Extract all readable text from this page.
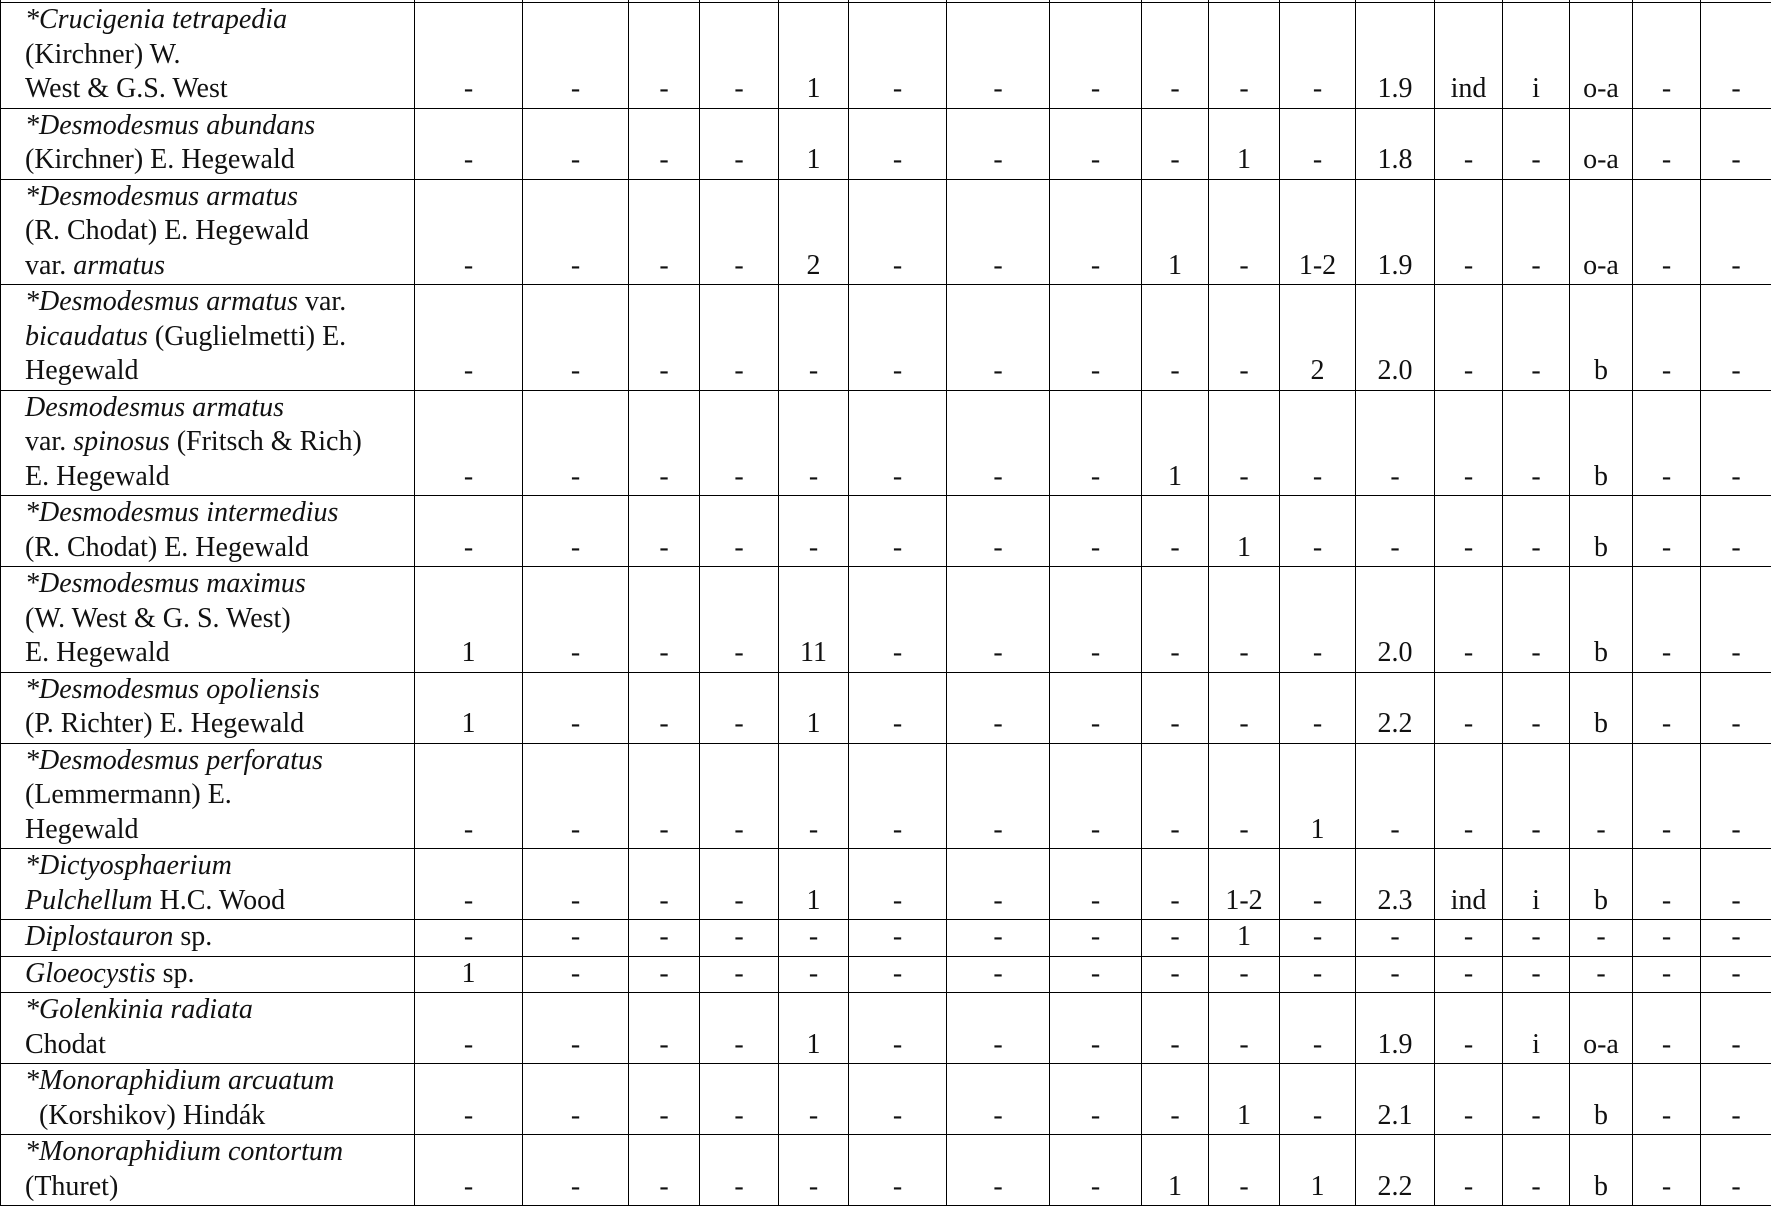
*Crucigenia tetrapedia
(Kirchner) W.
West & G.S. West	-	-	-	-	1	-	-	-	-	-	-	1.9	ind	i	o-a	-	-

*Desmodesmus abundans
(Kirchner) E. Hegewald	-	-	-	-	1	-	-	-	-	1	-	1.8	-	-	o-a	-	-

*Desmodesmus armatus
(R. Chodat) E. Hegewald
var. armatus	-	-	-	-	2	-	-	-	1	-	1-2	1.9	-	-	o-a	-	-

*Desmodesmus armatus var.
bicaudatus (Guglielmetti) E.
Hegewald	-	-	-	-	-	-	-	-	-	-	2	2.0	-	-	b	-	-

Desmodesmus armatus
var. spinosus (Fritsch & Rich)
E. Hegewald	-	-	-	-	-	-	-	-	1	-	-	-	-	-	b	-	-

*Desmodesmus intermedius
(R. Chodat) E. Hegewald	-	-	-	-	-	-	-	-	-	1	-	-	-	-	b	-	-

*Desmodesmus maximus
(W. West & G. S. West)
E. Hegewald	1	-	-	-	11	-	-	-	-	-	-	2.0	-	-	b	-	-

*Desmodesmus opoliensis
(P. Richter) E. Hegewald	1	-	-	-	1	-	-	-	-	-	-	2.2	-	-	b	-	-

*Desmodesmus perforatus
(Lemmermann) E.
Hegewald	-	-	-	-	-	-	-	-	-	-	1	-	-	-	-	-	-

*Dictyosphaerium
Pulchellum H.C. Wood	-	-	-	-	1	-	-	-	-	1-2	-	2.3	ind	i	b	-	-

Diplostauron sp.	-	-	-	-	-	-	-	-	-	1	-	-	-	-	-	-	-

Gloeocystis sp.	1	-	-	-	-	-	-	-	-	-	-	-	-	-	-	-	-

*Golenkinia radiata
Chodat	-	-	-	-	1	-	-	-	-	-	-	1.9	-	i	o-a	-	-

*Monoraphidium arcuatum
(Korshikov) Hindák	-	-	-	-	-	-	-	-	-	1	-	2.1	-	-	b	-	-

*Monoraphidium contortum
(Thuret)	-	-	-	-	-	-	-	-	1	-	1	2.2	-	-	b	-	-
